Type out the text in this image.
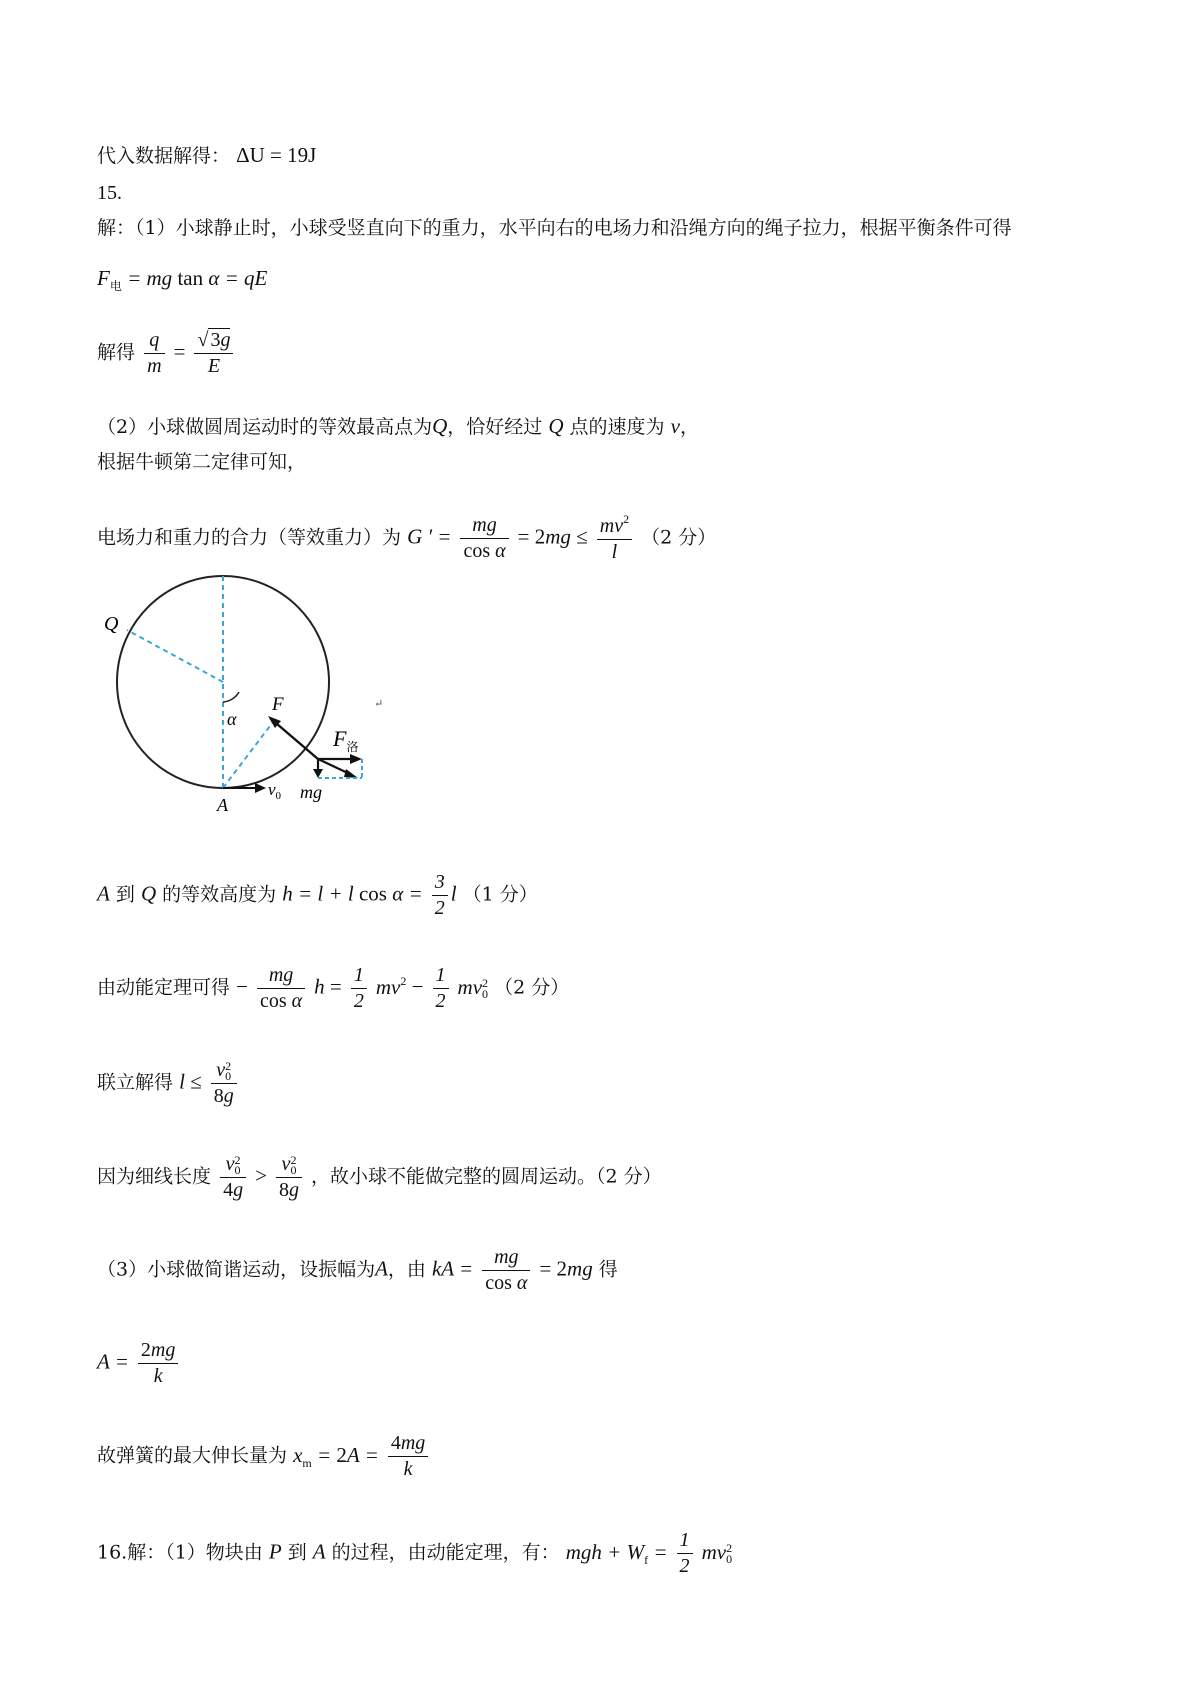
代入数据解得： ΔU = 19J
15.
解：（1）小球静止时，小球受竖直向下的重力，水平向右的电场力和沿绳方向的绳子拉力，根据平衡条件可得
$F_电$ = mg tan α = qE
解得 $\frac{q}{m} = \frac{√ 3g}{E}$
（2）小球做圆周运动时的等效最高点为Q，恰好经过 Q 点的速度为 v，
根据牛顿第二定律可知，
电场力和重力的合力（等效重力）为 G ' = $\frac{mg}{\text{cos α}} = 2mg \le \frac{mv^2}{l} (2$ 分）
Q
F
α
$F_洛$
mg
A
$v_0$
↵
A 到 Q 的等效高度为 h = l + l $\cos \alpha = \frac{3}{2}$ l （1 分）
由动能定理可得 − $\frac{mg}{\text{cos α}}$ $h = \frac{1}{2} mv^2 - \frac{1}{2}$ mv 2
0 （2 分）
联立解得 l ≤ v 2
0
8g
因为细线长度 v 2
0
4g > v 2
0
8g ，故小球不能做完整的圆周运动。（2 分）
（3）小球做简谐运动，设振幅为A，由 kA = $\frac{mg}{\text{cos α}} = 2mg$ 得
$A = \frac{2mg}{k}$
故弹簧的最大伸长量为 $x_m = 2A = \frac{4mg}{k}$
16.解：（1）物块由 P 到 A 的过程，由动能定理，有： mgh + $W_f = \frac{1}{2}$ mv 2
0
